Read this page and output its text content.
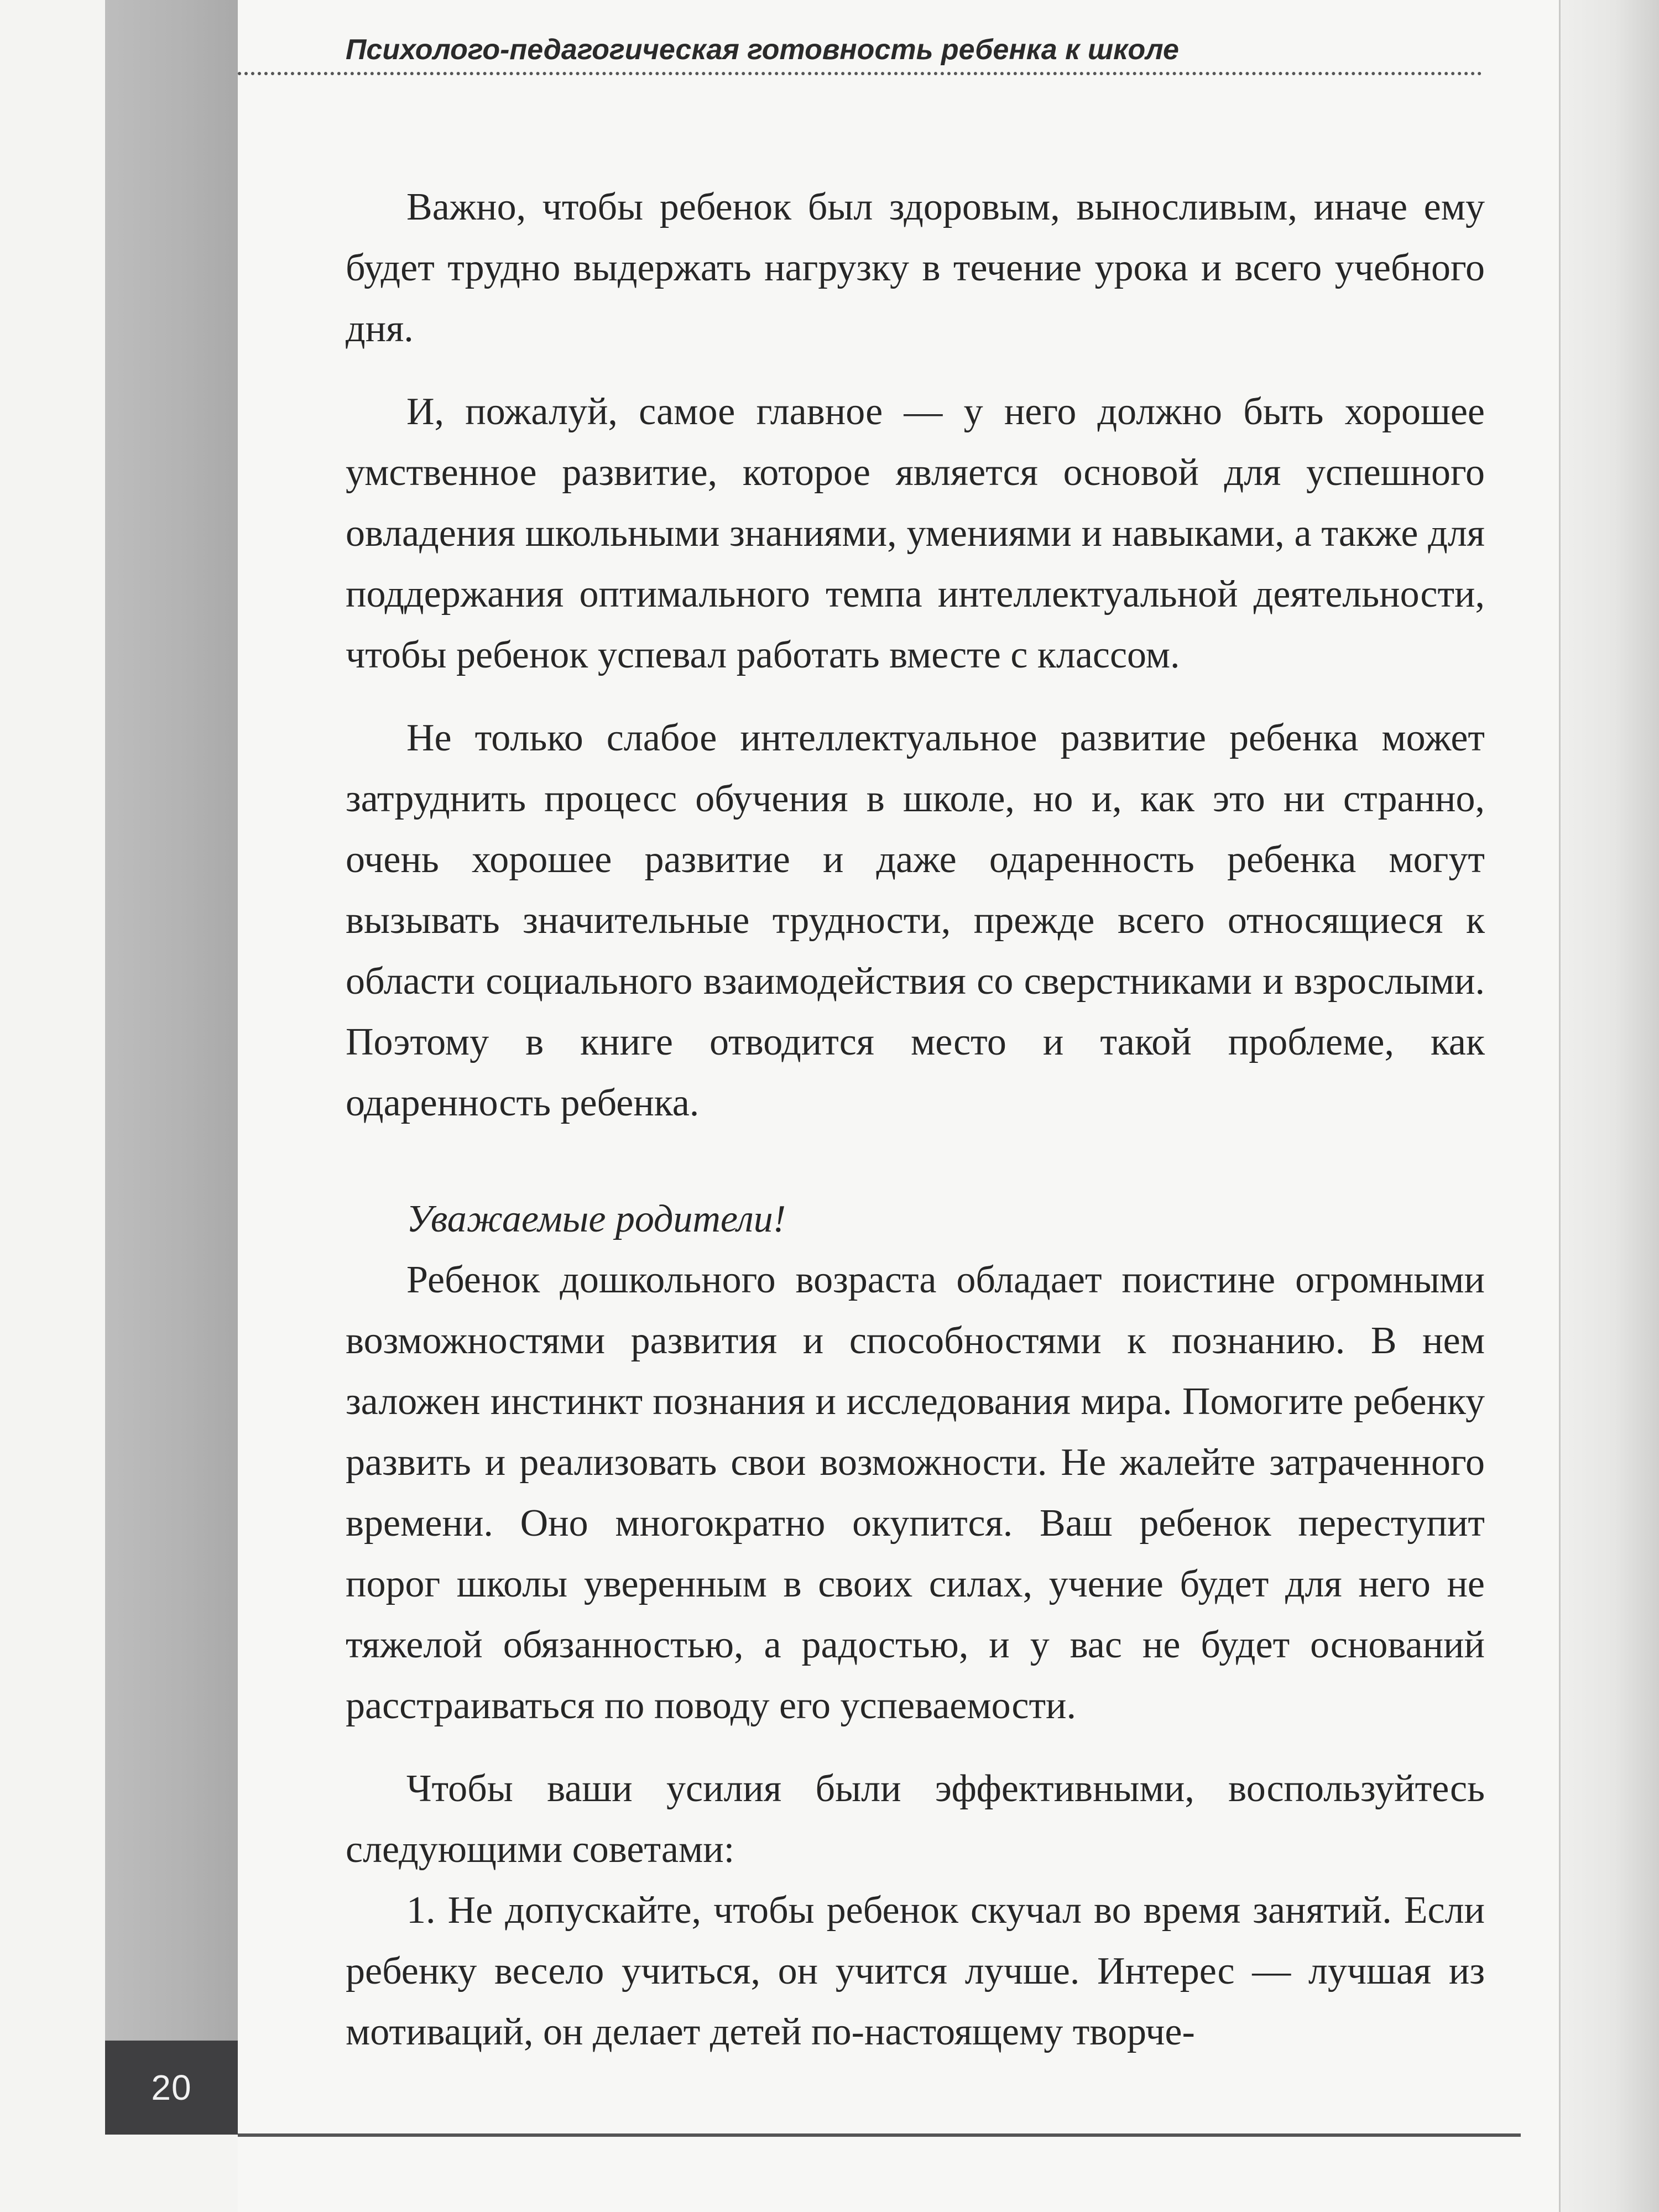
20
Психолого-педагогическая готовность ребенка к школе

Важно, чтобы ребенок был здоровым, выносливым, иначе ему будет трудно выдержать нагрузку в течение урока и всего учебного дня.

И, пожалуй, самое главное — у него должно быть хорошее умственное развитие, которое является основой для успешного овладения школьными знаниями, умениями и навыками, а также для поддержания оптимального темпа интеллектуальной деятельности, чтобы ребенок успевал работать вместе с классом.

Не только слабое интеллектуальное развитие ребенка может затруднить процесс обучения в школе, но и, как это ни странно, очень хорошее развитие и даже одаренность ребенка могут вызывать значительные трудности, прежде всего относящиеся к области социального взаимодействия со сверстниками и взрослыми. Поэтому в книге отводится место и такой проблеме, как одаренность ребенка.

Уважаемые родители!

Ребенок дошкольного возраста обладает поистине огромными возможностями развития и способностями к познанию. В нем заложен инстинкт познания и исследования мира. Помогите ребенку развить и реализовать свои возможности. Не жалейте затраченного времени. Оно многократно окупится. Ваш ребенок переступит порог школы уверенным в своих силах, учение будет для него не тяжелой обязанностью, а радостью, и у вас не будет оснований расстраиваться по поводу его успеваемости.

Чтобы ваши усилия были эффективными, воспользуйтесь следующими советами:

1. Не допускайте, чтобы ребенок скучал во время занятий. Если ребенку весело учиться, он учится лучше. Интерес — лучшая из мотиваций, он делает детей по-настоящему творче-
